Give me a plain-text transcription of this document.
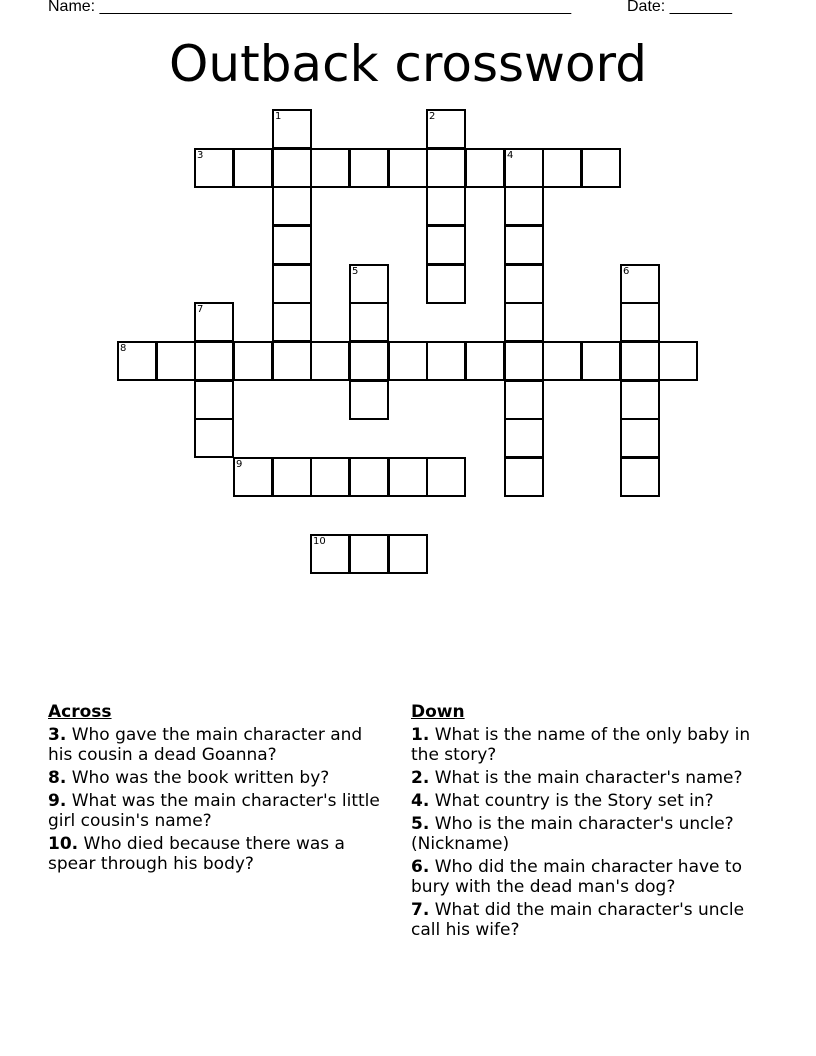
Name: _____________________________________________________	Date: _______
Outback crossword
1	2
3	4
5	6
7
8
9
10
Across
3. Who gave the main character and his cousin a dead Goanna?
8. Who was the book written by?
9. What was the main character's little girl cousin's name?
10. Who died because there was a spear through his body?
Down
1. What is the name of the only baby in the story?
2. What is the main character's name?
4. What country is the Story set in?
5. Who is the main character's uncle? (Nickname)
6. Who did the main character have to bury with the dead man's dog?
7. What did the main character's uncle call his wife?
